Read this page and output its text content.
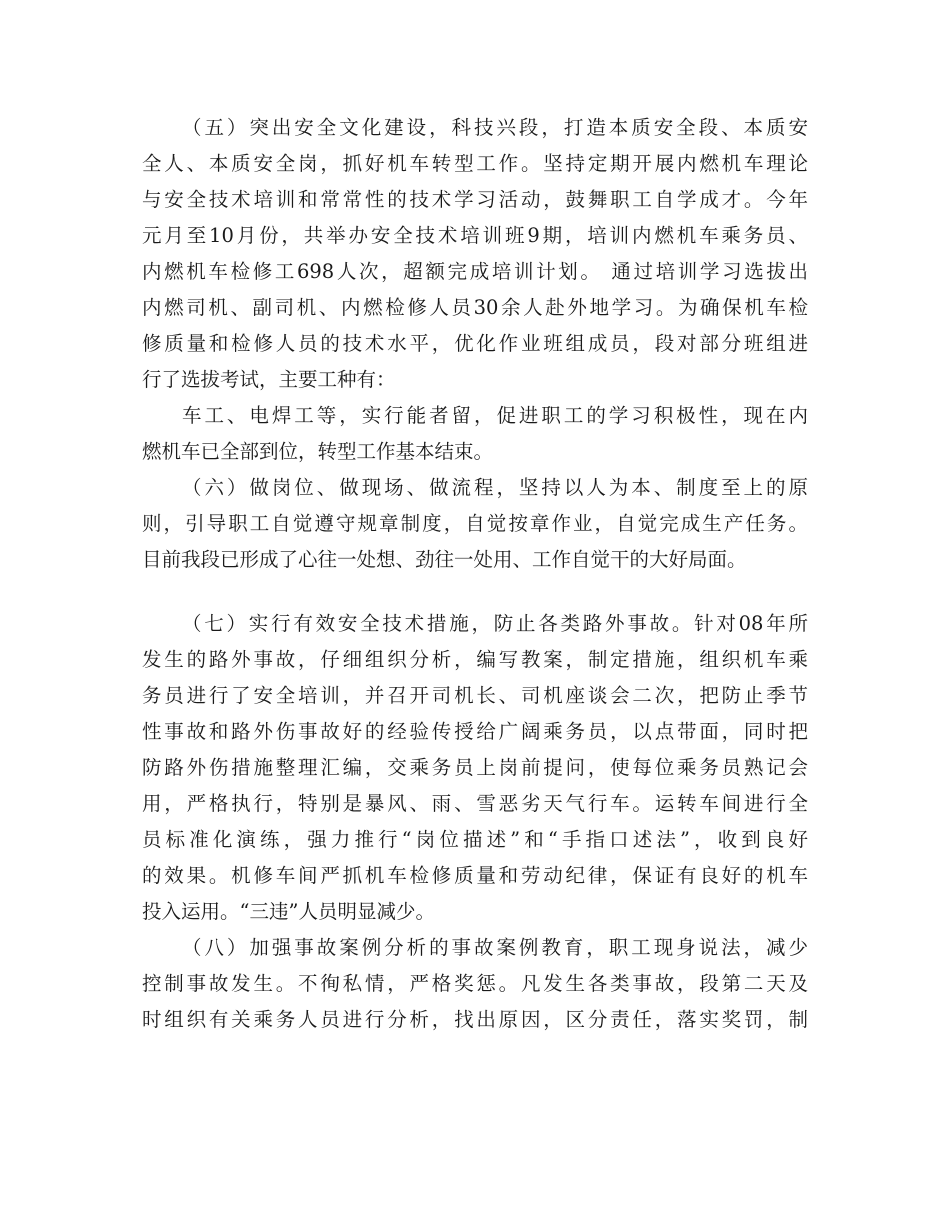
（五）突出安全文化建设，科技兴段，打造本质安全段、本质安
全人、本质安全岗，抓好机车转型工作。坚持定期开展内燃机车理论
与安全技术培训和常常性的技术学习活动，鼓舞职工自学成才。今年
元月至10月份，共举办安全技术培训班9期，培训内燃机车乘务员、
内燃机车检修工698人次，超额完成培训计划。 通过培训学习选拔出
内燃司机、副司机、内燃检修人员30余人赴外地学习。为确保机车检
修质量和检修人员的技术水平，优化作业班组成员，段对部分班组进
行了选拔考试，主要工种有：
车工、电焊工等，实行能者留，促进职工的学习积极性，现在内
燃机车已全部到位，转型工作基本结束。
（六）做岗位、做现场、做流程，坚持以人为本、制度至上的原
则，引导职工自觉遵守规章制度，自觉按章作业，自觉完成生产任务。
目前我段已形成了心往一处想、劲往一处用、工作自觉干的大好局面。
（七）实行有效安全技术措施，防止各类路外事故。针对08年所
发生的路外事故，仔细组织分析，编写教案，制定措施，组织机车乘
务员进行了安全培训，并召开司机长、司机座谈会二次，把防止季节
性事故和路外伤事故好的经验传授给广阔乘务员，以点带面，同时把
防路外伤措施整理汇编，交乘务员上岗前提问，使每位乘务员熟记会
用，严格执行，特别是暴风、雨、雪恶劣天气行车。运转车间进行全
员标准化演练，强力推行“岗位描述”和“手指口述法”，收到良好
的效果。机修车间严抓机车检修质量和劳动纪律，保证有良好的机车
投入运用。“三违”人员明显减少。
（八）加强事故案例分析的事故案例教育，职工现身说法，减少
控制事故发生。不徇私情，严格奖惩。凡发生各类事故，段第二天及
时组织有关乘务人员进行分析，找出原因，区分责任，落实奖罚，制
